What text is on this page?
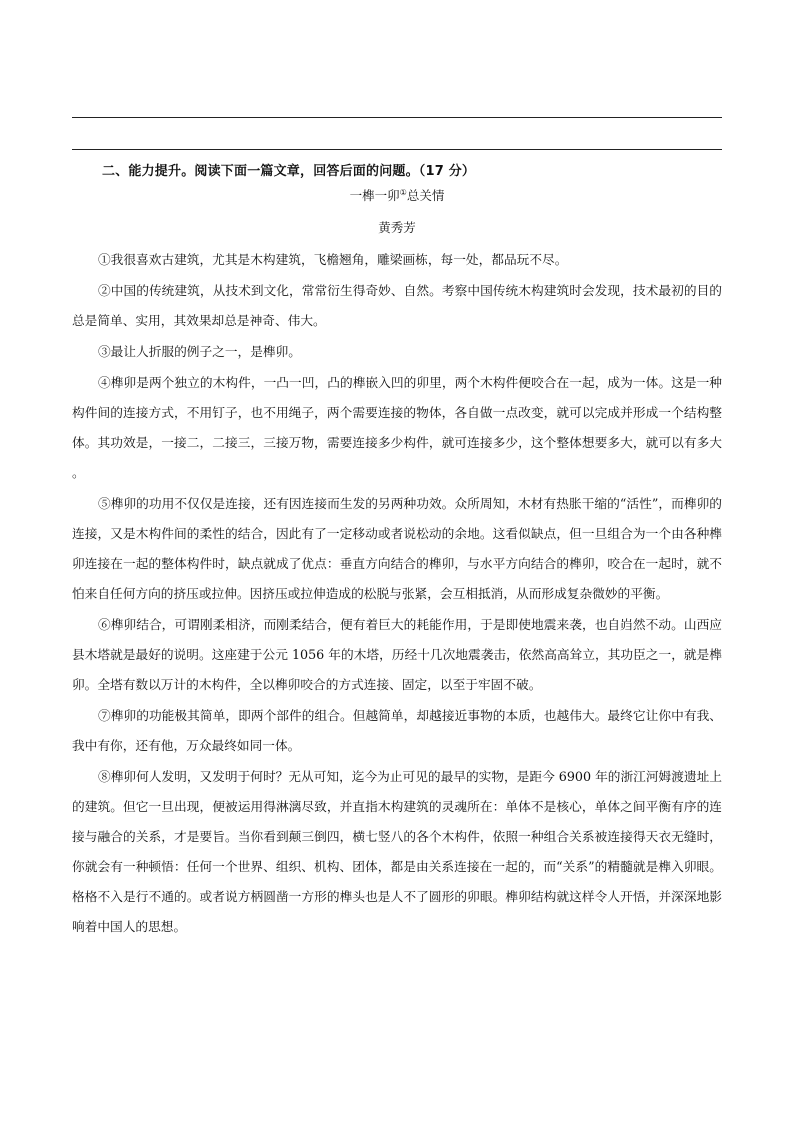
二、能力提升。阅读下面一篇文章，回答后面的问题。（17 分）
一榫一卯①总关情
黄秀芳

①我很喜欢古建筑，尤其是木构建筑，飞檐翘角，雕梁画栋，每一处，都品玩不尽。

②中国的传统建筑，从技术到文化，常常衍生得奇妙、自然。考察中国传统木构建筑时会发现，技术最初的目的总是简单、实用，其效果却总是神奇、伟大。

③最让人折服的例子之一，是榫卯。

④榫卯是两个独立的木构件，一凸一凹，凸的榫嵌入凹的卯里，两个木构件便咬合在一起，成为一体。这是一种构件间的连接方式，不用钉子，也不用绳子，两个需要连接的物体，各自做一点改变，就可以完成并形成一个结构整体。其功效是，一接二，二接三，三接万物，需要连接多少构件，就可连接多少，这个整体想要多大，就可以有多大。

⑤榫卯的功用不仅仅是连接，还有因连接而生发的另两种功效。众所周知，木材有热胀干缩的“活性”，而榫卯的连接，又是木构件间的柔性的结合，因此有了一定移动或者说松动的余地。这看似缺点，但一旦组合为一个由各种榫卯连接在一起的整体构件时，缺点就成了优点：垂直方向结合的榫卯，与水平方向结合的榫卯，咬合在一起时，就不怕来自任何方向的挤压或拉伸。因挤压或拉伸造成的松脱与张紧，会互相抵消，从而形成复杂微妙的平衡。

⑥榫卯结合，可谓刚柔相济，而刚柔结合，便有着巨大的耗能作用，于是即使地震来袭，也自岿然不动。山西应县木塔就是最好的说明。这座建于公元 1056 年的木塔，历经十几次地震袭击，依然高高耸立，其功臣之一，就是榫卯。全塔有数以万计的木构件，全以榫卯咬合的方式连接、固定，以至于牢固不破。

⑦榫卯的功能极其简单，即两个部件的组合。但越简单，却越接近事物的本质，也越伟大。最终它让你中有我、我中有你，还有他，万众最终如同一体。

⑧榫卯何人发明，又发明于何时？无从可知，迄今为止可见的最早的实物，是距今 6900 年的浙江河姆渡遗址上的建筑。但它一旦出现，便被运用得淋漓尽致，并直指木构建筑的灵魂所在：单体不是核心，单体之间平衡有序的连接与融合的关系，才是要旨。当你看到颠三倒四，横七竖八的各个木构件，依照一种组合关系被连接得天衣无缝时，你就会有一种顿悟：任何一个世界、组织、机构、团体，都是由关系连接在一起的，而“关系”的精髓就是榫入卯眼。格格不入是行不通的。或者说方柄圆凿一方形的榫头也是人不了圆形的卯眼。榫卯结构就这样令人开悟，并深深地影响着中国人的思想。
